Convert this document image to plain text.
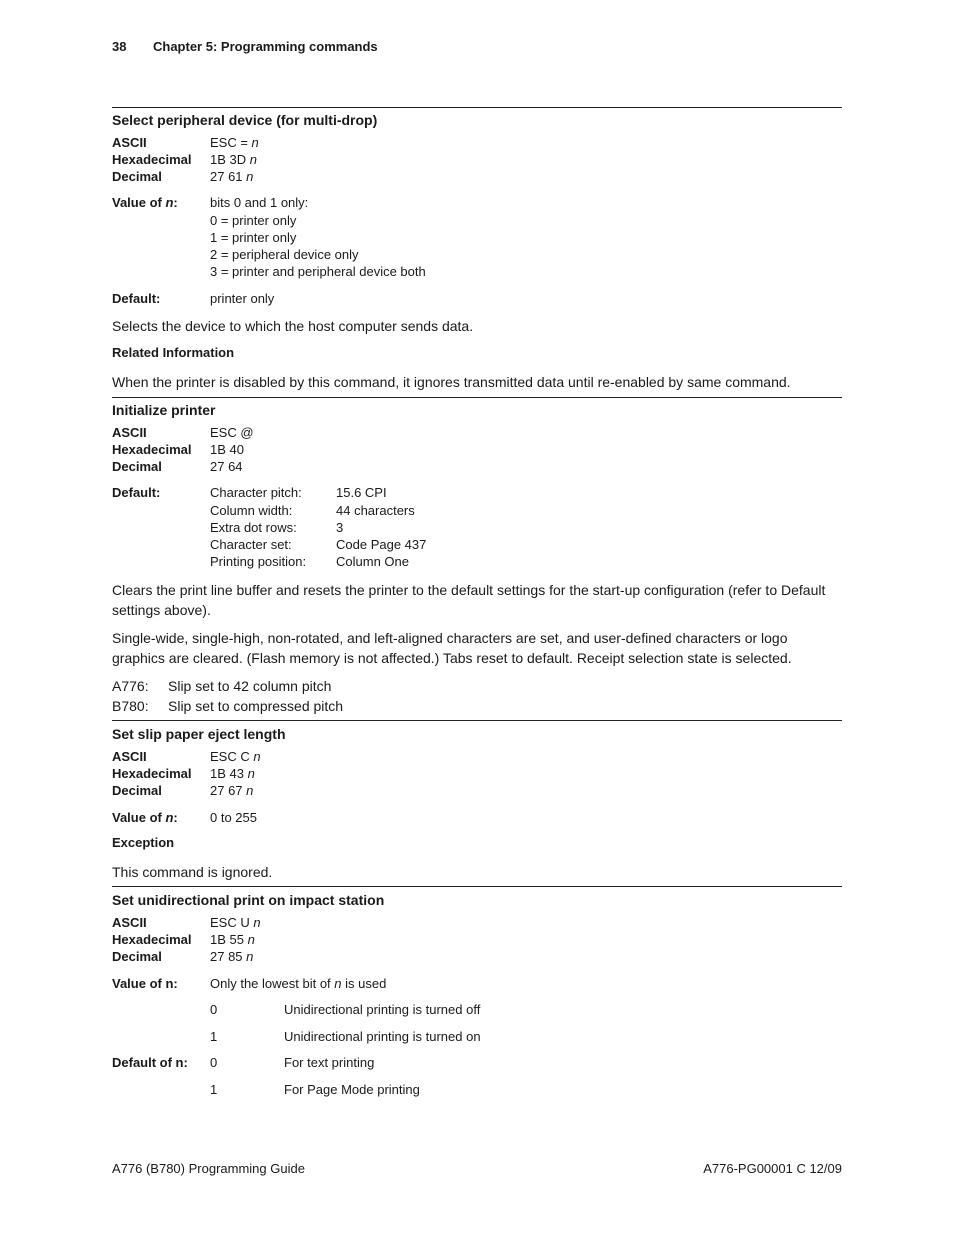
38 Chapter 5: Programming commands
Select peripheral device (for multi-drop)
ASCII	ESC = n
Hexadecimal 1B 3D n
Decimal	27 61 n
Value of n: bits 0 and 1 only:
0 = printer only
1 = printer only
2 = peripheral device only
3 = printer and peripheral device both
Default:	printer only
Selects the device to which the host computer sends data.
Related Information
When the printer is disabled by this command, it ignores transmitted data until re-enabled by same command.
Initialize printer
ASCII	ESC @
Hexadecimal 1B 40
Decimal	27 64
Default:	Character pitch:	15.6 CPI
Column width:	44 characters
Extra dot rows:	3
Character set:	Code Page 437
Printing position: Column One
Clears the print line buffer and resets the printer to the default settings for the start-up configuration (refer to Default settings above).
Single-wide, single-high, non-rotated, and left-aligned characters are set, and user-defined characters or logo graphics are cleared. (Flash memory is not affected.) Tabs reset to default. Receipt selection state is selected.
A776: Slip set to 42 column pitch
B780: Slip set to compressed pitch
Set slip paper eject length
ASCII	ESC C n
Hexadecimal 1B 43 n
Decimal	27 67 n
Value of n: 0 to 255
Exception
This command is ignored.
Set unidirectional print on impact station
ASCII	ESC U n
Hexadecimal 1B 55 n
Decimal	27 85 n
Value of n: Only the lowest bit of n is used
0	Unidirectional printing is turned off
1	Unidirectional printing is turned on
Default of n: 0	For text printing
1	For Page Mode printing
A776 (B780) Programming Guide	A776-PG00001 C 12/09
